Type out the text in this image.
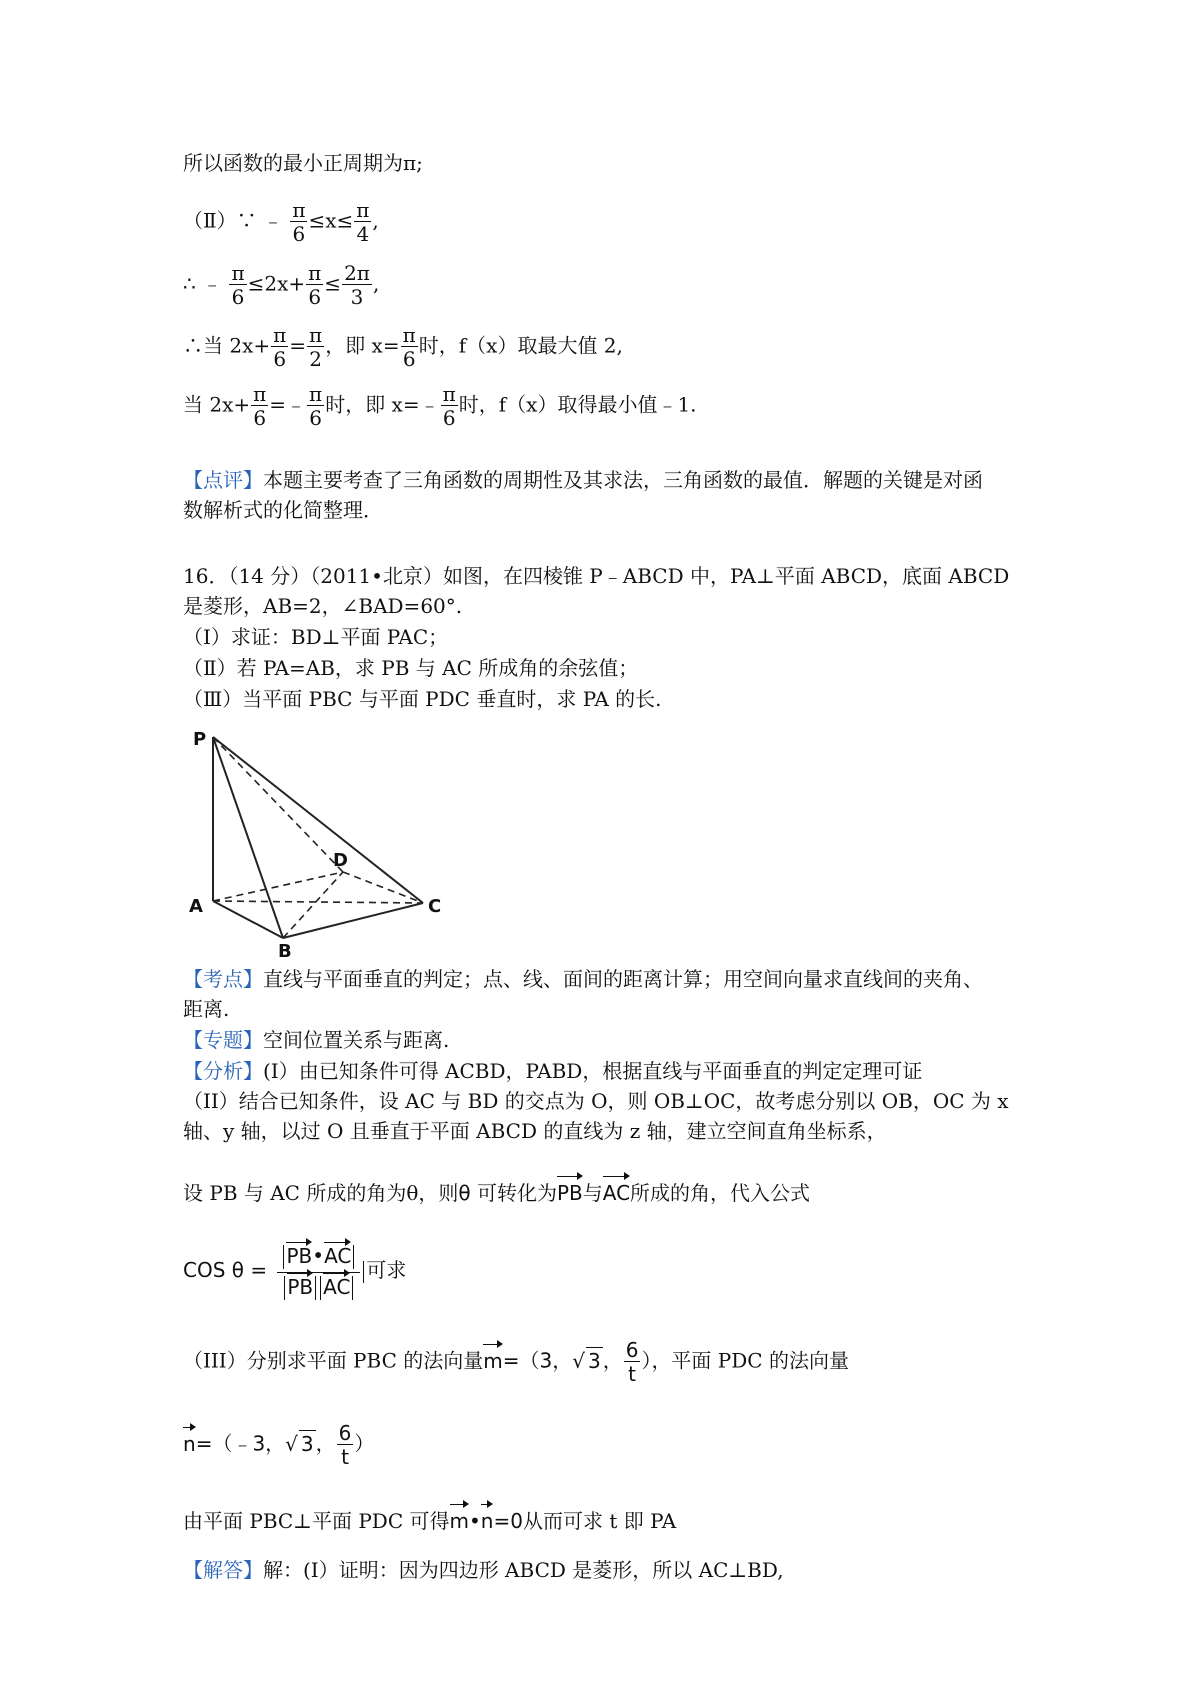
所以函数的最小正周期为π;
（Ⅱ）∵ ﹣ $\frac{\pi}{6} \le x\le \frac{\pi}{4}$ ,
∴ ﹣ $\frac{\pi}{6} \le 2x+ \frac{\pi}{6} \le \frac{2\pi}{3}$ ,
∴当 $2x+ \frac{\pi}{6} = \frac{\pi}{2}$ ，即 $x= \frac{\pi}{6}$ 时，f（x）取最大值 2,
当 $2x+ \frac{\pi}{6}$ =﹣ $\frac{\pi}{6}$ 时，即 x=﹣ $\frac{\pi}{6}$ 时，f（x）取得最小值﹣1.
【点评】本题主要考查了三角函数的周期性及其求法，三角函数的最值．解题的关键是对函
数解析式的化简整理．
16．（14 分）（2011•北京）如图，在四棱锥 P﹣ABCD 中，PA⊥平面 ABCD，底面 ABCD
是菱形，AB=2，∠BAD=60°.
（Ⅰ）求证：BD⊥平面 PAC；
（Ⅱ）若 PA=AB，求 PB 与 AC 所成角的余弦值；
（Ⅲ）当平面 PBC 与平面 PDC 垂直时，求 PA 的长.
P
A
B
C
D
【考点】直线与平面垂直的判定；点、线、面间的距离计算；用空间向量求直线间的夹角、
距离.
【专题】空间位置关系与距离.
【分析】(I）由已知条件可得 ACBD，PABD，根据直线与平面垂直的判定定理可证
（II）结合已知条件，设 AC 与 BD 的交点为 O，则 OB⊥OC，故考虑分别以 OB，OC 为 x
轴、y 轴，以过 O 且垂直于平面 ABCD 的直线为 z 轴，建立空间直角坐标系，
设 PB 与 AC 所成的角为θ，则θ 可转化为PB与AC所成的角，代入公式
COS $\theta = \frac{PB•AC}{\text{PB AC}}$ 可求
（III）分别求平面 PBC 的法向量m=（3，√ 3 ， $\frac{6}{t}$ ），平面 PDC 的法向量
n=（﹣3，√ 3 ， $\frac{6}{t}$ ）
由平面 PBC⊥平面 PDC 可得m•n=0从而可求 t 即 PA
【解答】解：(I）证明：因为四边形 ABCD 是菱形，所以 AC⊥BD,
